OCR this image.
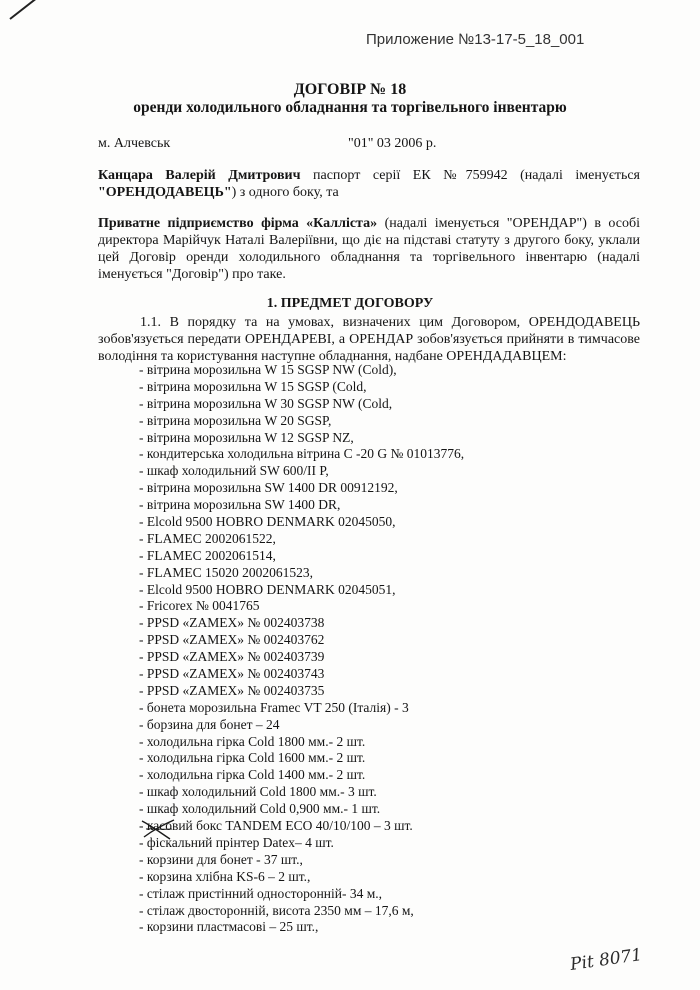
Приложение №13-17-5_18_001
ДОГОВІР № 18
оренди холодильного обладнання та торгівельного інвентарю
м. Алчевськ	"01" 03 2006 р.
Канцара Валерій Дмитрович паспорт серії ЕК №759942 (надалі іменується "ОРЕНДОДАВЕЦЬ") з одного боку, та
Приватне підприємство фірма «Каллiста» (надалі іменується "ОРЕНДАР") в особі директора Марійчук Наталі Валеріївни, що діє на підставі статуту з другого боку, уклали цей Договір оренди холодильного обладнання та торгівельного інвентарю (надалі іменується "Договір") про таке.
1. ПРЕДМЕТ ДОГОВОРУ
1.1. В порядку та на умовах, визначених цим Договором, ОРЕНДОДАВЕЦЬ зобов'язується передати ОРЕНДАРЕВІ, а ОРЕНДАР зобов'язується прийняти в тимчасове володіння та користування наступне обладнання, надбане ОРЕНДАДАВЦЕМ:
- вітрина морозильна W 15 SGSP NW (Cold),
- вітрина морозильна W 15 SGSP (Cold,
- вітрина морозильна W 30 SGSP NW (Cold,
- вітрина морозильна W 20 SGSP,
- вітрина морозильна W 12 SGSP NZ,
- кондитерська холодильна вітрина С -20 G № 01013776,
- шкаф холодильний SW 600/II P,
- вітрина морозильна SW 1400 DR 00912192,
- вітрина морозильна SW 1400 DR,
- Elcold 9500 HOBRO DENMARK 02045050,
- FLAMEC 2002061522,
- FLAMEC 2002061514,
- FLAMEC 15020 2002061523,
- Elcold 9500 HOBRO DENMARK 02045051,
- Fricorex № 0041765
- PPSD «ZAMEX» № 002403738
- PPSD «ZAMEX» № 002403762
- PPSD «ZAMEX» № 002403739
- PPSD «ZAMEX» № 002403743
- PPSD «ZAMEX» № 002403735
- бонета морозильна Framec VT 250 (Італія) - 3
- борзина для бонет – 24
- холодильна гірка Cold 1800 мм.- 2 шт.
- холодильна гірка Cold 1600 мм.- 2 шт.
- холодильна гірка Cold 1400 мм.- 2 шт.
- шкаф холодильний Cold 1800 мм.- 3 шт.
- шкаф холодильний Cold 0,900 мм.- 1 шт.
- касовий бокс TANDEM ECO 40/10/100 – 3 шт.
- фіскальний прінтер Datex– 4 шт.
- корзини для бонет - 37 шт.,
- корзина хлібна KS-6 – 2 шт.,
- стілаж пристінний односторонній- 34 м.,
- стілаж двосторонній, висота 2350 мм – 17,6 м,
- корзини пластмасові – 25 шт.,
Pit 8071
